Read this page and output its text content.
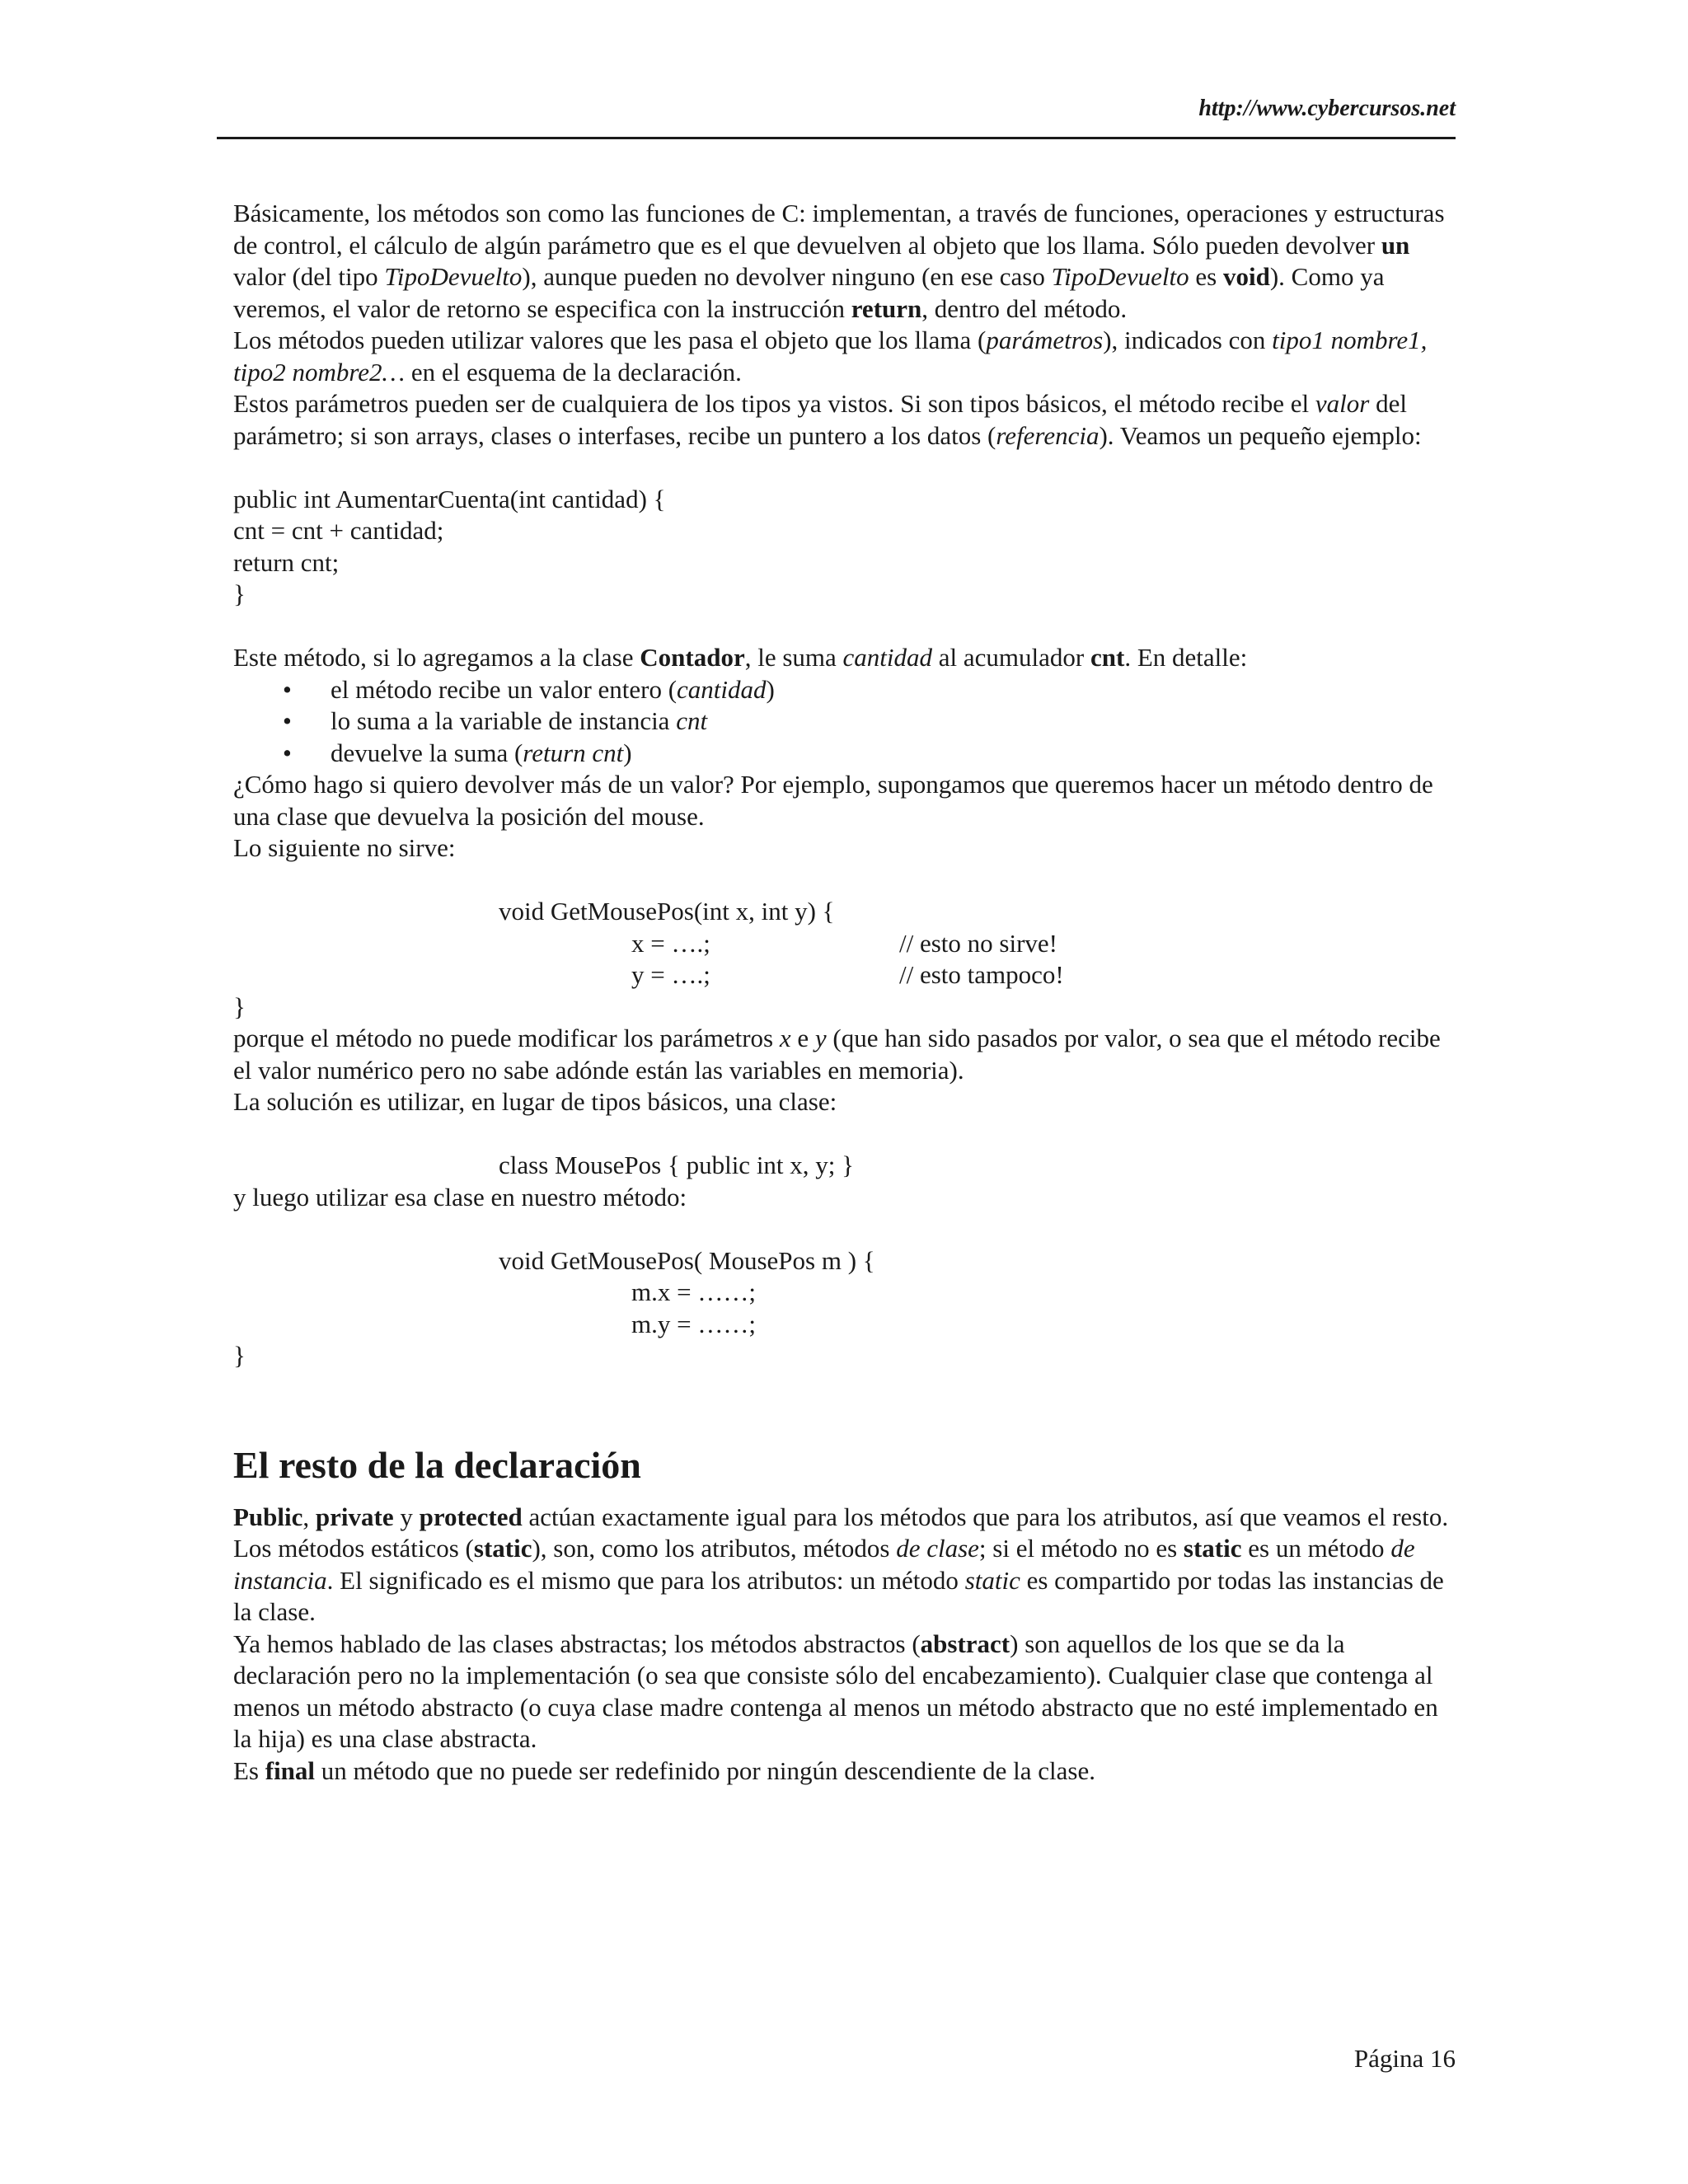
http://www.cybercursos.net

Básicamente, los métodos son como las funciones de C: implementan, a través de funciones, operaciones y estructuras de control, el cálculo de algún parámetro que es el que devuelven al objeto que los llama. Sólo pueden devolver un valor (del tipo TipoDevuelto), aunque pueden no devolver ninguno (en ese caso TipoDevuelto es void). Como ya veremos, el valor de retorno se especifica con la instrucción return, dentro del método.

Los métodos pueden utilizar valores que les pasa el objeto que los llama (parámetros), indicados con tipo1 nombre1, tipo2 nombre2… en el esquema de la declaración.

Estos parámetros pueden ser de cualquiera de los tipos ya vistos. Si son tipos básicos, el método recibe el valor del parámetro; si son arrays, clases o interfases, recibe un puntero a los datos (referencia). Veamos un pequeño ejemplo:

public int AumentarCuenta(int cantidad) {

cnt = cnt + cantidad;

return cnt;

}

Este método, si lo agregamos a la clase Contador, le suma cantidad al acumulador cnt. En detalle:

• el método recibe un valor entero (cantidad)
• lo suma a la variable de instancia cnt
• devuelve la suma (return cnt)

¿Cómo hago si quiero devolver más de un valor? Por ejemplo, supongamos que queremos hacer un método dentro de una clase que devuelva la posición del mouse.

Lo siguiente no sirve:

void GetMousePos(int x, int y) {

x = ….;	// esto no sirve!
y = ….;	// esto tampoco!

}

porque el método no puede modificar los parámetros x e y (que han sido pasados por valor, o sea que el método recibe el valor numérico pero no sabe adónde están las variables en memoria).

La solución es utilizar, en lugar de tipos básicos, una clase:

class MousePos { public int x, y; }

y luego utilizar esa clase en nuestro método:

void GetMousePos( MousePos m ) {

m.x = ……;

m.y = ……;

}

El resto de la declaración

Public, private y protected actúan exactamente igual para los métodos que para los atributos, así que veamos el resto.

Los métodos estáticos (static), son, como los atributos, métodos de clase; si el método no es static es un método de instancia. El significado es el mismo que para los atributos: un método static es compartido por todas las instancias de la clase.

Ya hemos hablado de las clases abstractas; los métodos abstractos (abstract) son aquellos de los que se da la declaración pero no la implementación (o sea que consiste sólo del encabezamiento). Cualquier clase que contenga al menos un método abstracto (o cuya clase madre contenga al menos un método abstracto que no esté implementado en la hija) es una clase abstracta.

Es final un método que no puede ser redefinido por ningún descendiente de la clase.

Página 16
